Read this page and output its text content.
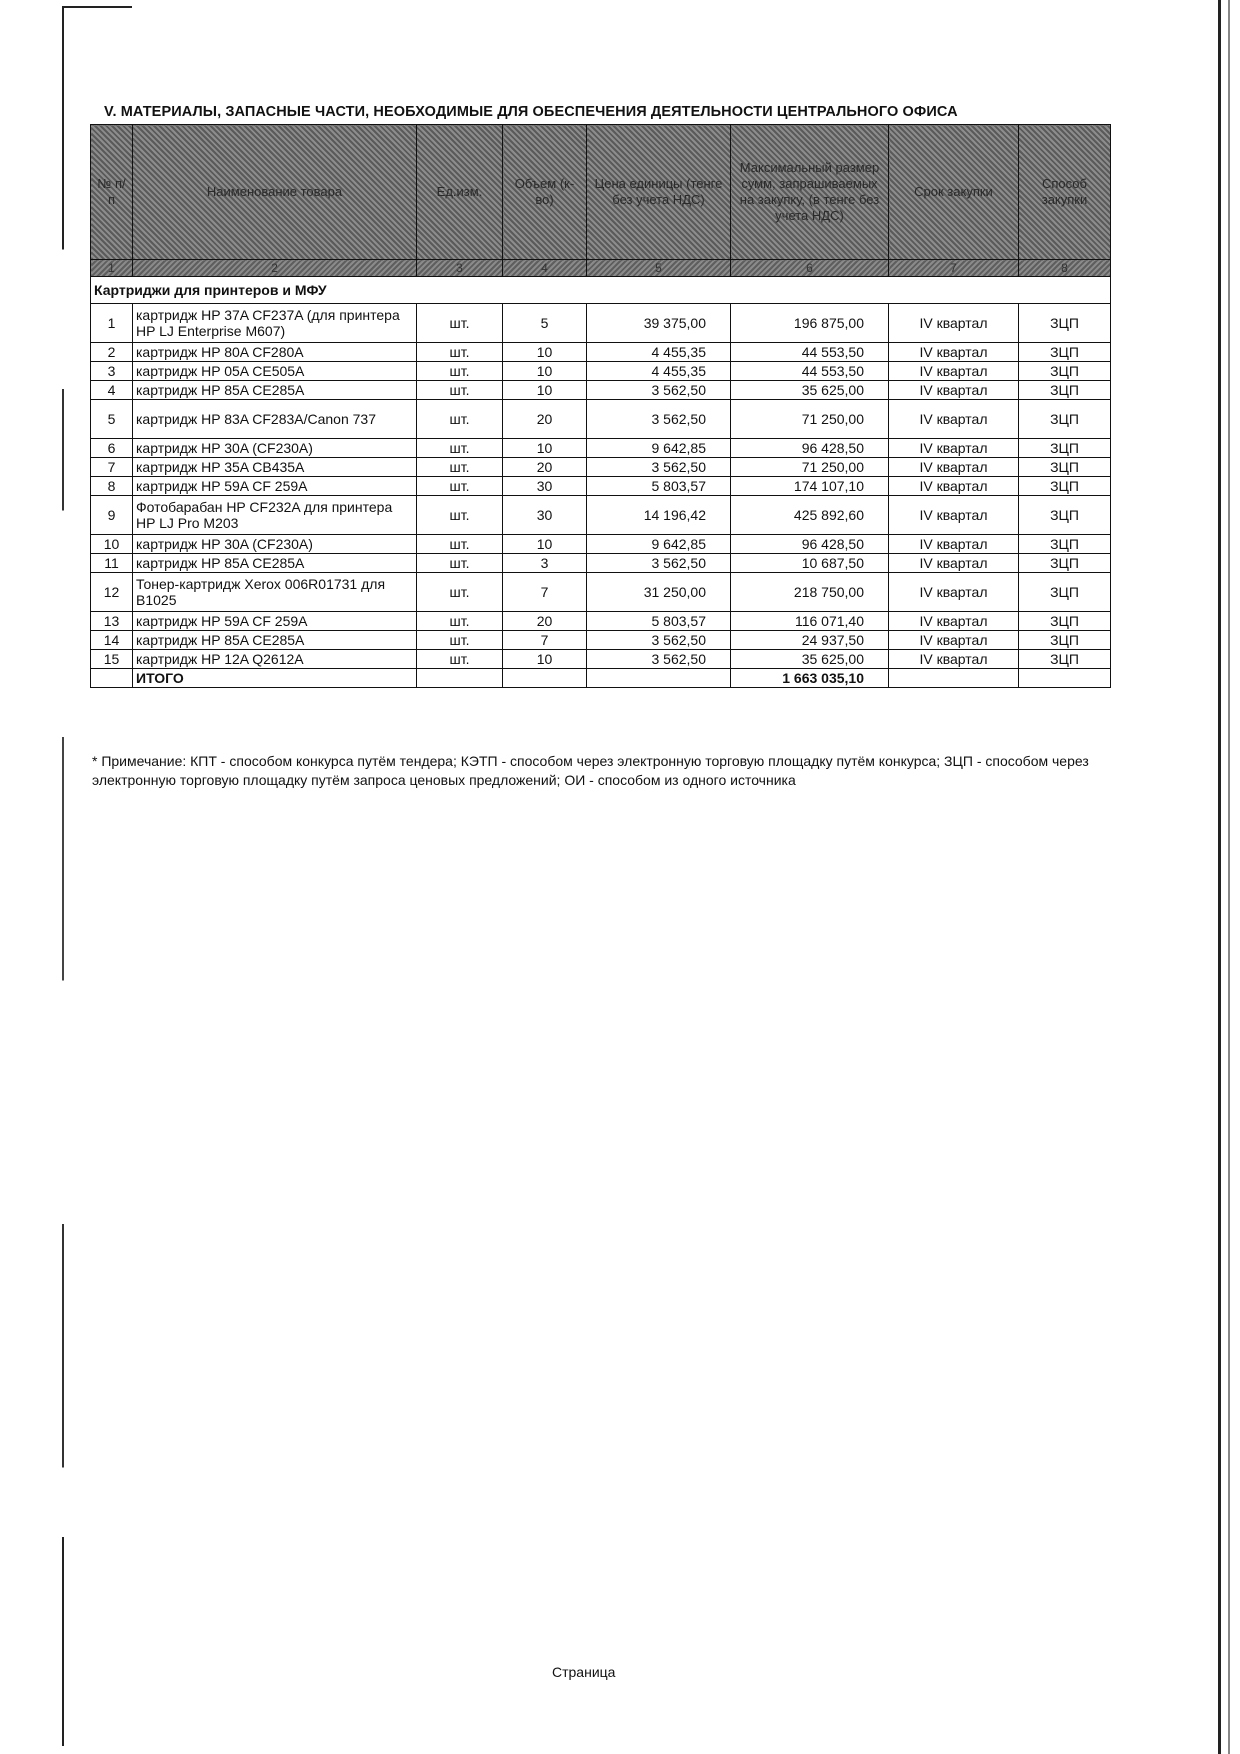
V. МАТЕРИАЛЫ, ЗАПАСНЫЕ ЧАСТИ, НЕОБХОДИМЫЕ ДЛЯ ОБЕСПЕЧЕНИЯ ДЕЯТЕЛЬНОСТИ ЦЕНТРАЛЬНОГО ОФИСА
№ п/п	Наименование товара	Ед.изм.	Объем (к-во)	Цена единицы (тенге без учета НДС)	Максимальный размер сумм, запрашиваемых на закупку, (в тенге без учета НДС)	Срок закупки	Способ закупки
1	2	3	4	5	6	7	8
Картриджи для принтеров и МФУ							
1	картридж HP 37A CF237A (для принтера HP LJ Enterprise M607)	шт.	5	39 375,00	196 875,00	IV квартал	ЗЦП
2	картридж HP 80A CF280A	шт.	10	4 455,35	44 553,50	IV квартал	ЗЦП
3	картридж HP 05A CE505A	шт.	10	4 455,35	44 553,50	IV квартал	ЗЦП
4	картридж HP 85A CE285A	шт.	10	3 562,50	35 625,00	IV квартал	ЗЦП
5	картридж HP 83A CF283A/Canon 737	шт.	20	3 562,50	71 250,00	IV квартал	ЗЦП
6	картридж HP 30A (CF230A)	шт.	10	9 642,85	96 428,50	IV квартал	ЗЦП
7	картридж HP 35A CB435A	шт.	20	3 562,50	71 250,00	IV квартал	ЗЦП
8	картридж HP 59A CF 259A	шт.	30	5 803,57	174 107,10	IV квартал	ЗЦП
9	Фотобарабан HP CF232A для принтера HP LJ Pro M203	шт.	30	14 196,42	425 892,60	IV квартал	ЗЦП
10	картридж HP 30A (CF230A)	шт.	10	9 642,85	96 428,50	IV квартал	ЗЦП
11	картридж HP 85A CE285A	шт.	3	3 562,50	10 687,50	IV квартал	ЗЦП
12	Тонер-картридж Xerox 006R01731 для B1025	шт.	7	31 250,00	218 750,00	IV квартал	ЗЦП
13	картридж HP 59A CF 259A	шт.	20	5 803,57	116 071,40	IV квартал	ЗЦП
14	картридж HP 85A CE285A	шт.	7	3 562,50	24 937,50	IV квартал	ЗЦП
15	картридж HP 12A Q2612A	шт.	10	3 562,50	35 625,00	IV квартал	ЗЦП
	ИТОГО				1 663 035,10		
* Примечание: КПТ - способом конкурса путём тендера; КЭТП - способом через электронную торговую площадку путём конкурса; ЗЦП - способом через электронную торговую площадку путём запроса ценовых предложений; ОИ - способом из одного источника
Страница
